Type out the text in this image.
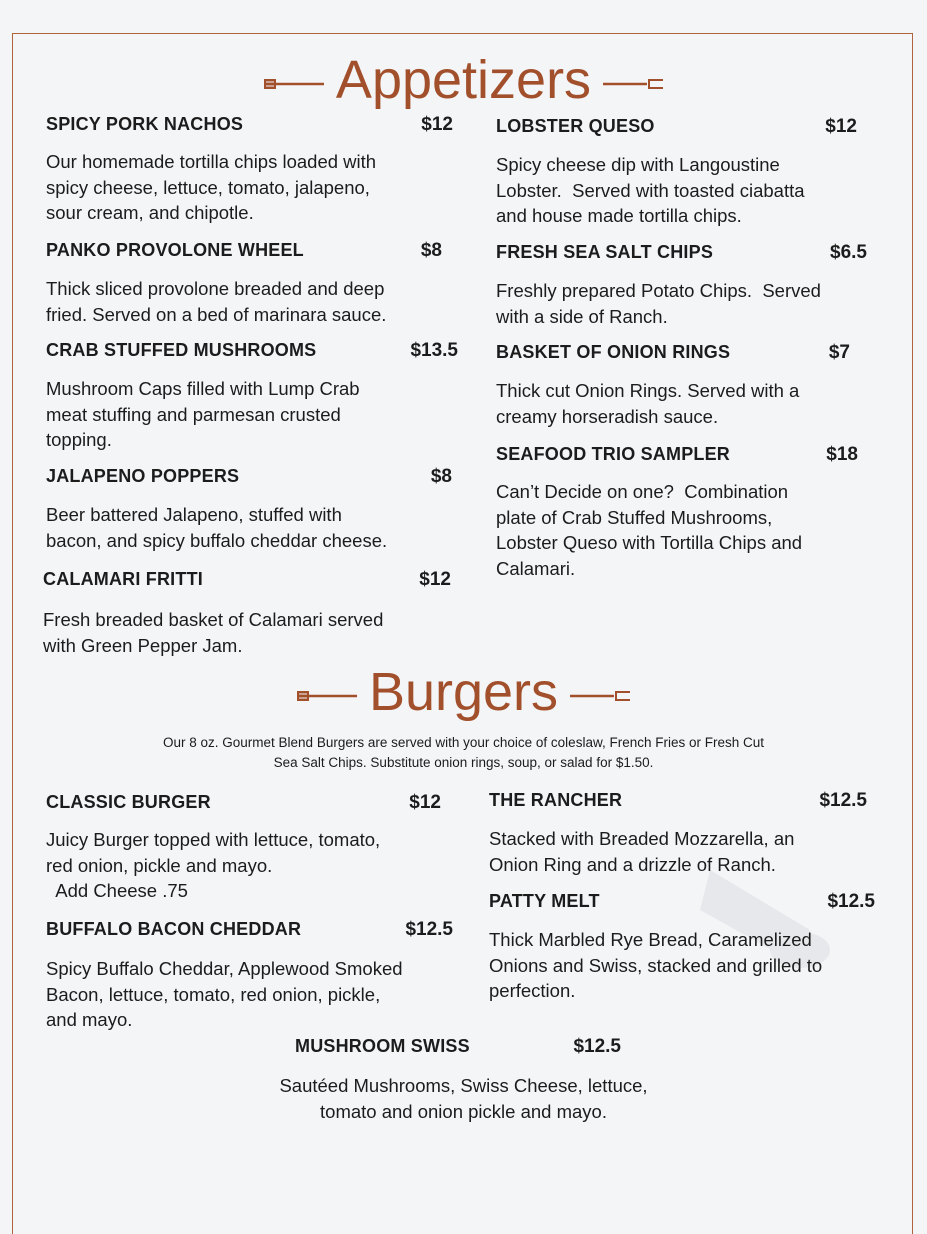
Appetizers
Burgers
Our 8 oz. Gourmet Blend Burgers are served with your choice of coleslaw, French Fries or Fresh Cut
Sea Salt Chips. Substitute onion rings, soup, or salad for $1.50.
SPICY PORK NACHOS	$12
Our homemade tortilla chips loaded with
spicy cheese, lettuce, tomato, jalapeno,
sour cream, and chipotle.
PANKO PROVOLONE WHEEL	$8
Thick sliced provolone breaded and deep
fried. Served on a bed of marinara sauce.
CRAB STUFFED MUSHROOMS	$13.5
Mushroom Caps filled with Lump Crab
meat stuffing and parmesan crusted
topping.
JALAPENO POPPERS	$8
Beer battered Jalapeno, stuffed with
bacon, and spicy buffalo cheddar cheese.
CALAMARI FRITTI	$12
Fresh breaded basket of Calamari served
with Green Pepper Jam.
LOBSTER QUESO	$12
Spicy cheese dip with Langoustine
Lobster.  Served with toasted ciabatta
and house made tortilla chips.
FRESH SEA SALT CHIPS	$6.5
Freshly prepared Potato Chips.  Served
with a side of Ranch.
BASKET OF ONION RINGS	$7
Thick cut Onion Rings. Served with a
creamy horseradish sauce.
SEAFOOD TRIO SAMPLER	$18
Can’t Decide on one?  Combination
plate of Crab Stuffed Mushrooms,
Lobster Queso with Tortilla Chips and
Calamari.
CLASSIC BURGER	$12
Juicy Burger topped with lettuce, tomato,
red onion, pickle and mayo.
Add Cheese .75
BUFFALO BACON CHEDDAR	$12.5
Spicy Buffalo Cheddar, Applewood Smoked
Bacon, lettuce, tomato, red onion, pickle,
and mayo.
THE RANCHER	$12.5
Stacked with Breaded Mozzarella, an
Onion Ring and a drizzle of Ranch.
PATTY MELT	$12.5
Thick Marbled Rye Bread, Caramelized
Onions and Swiss, stacked and grilled to
perfection.
MUSHROOM SWISS	$12.5
Sautéed Mushrooms, Swiss Cheese, lettuce,
tomato and onion pickle and mayo.
